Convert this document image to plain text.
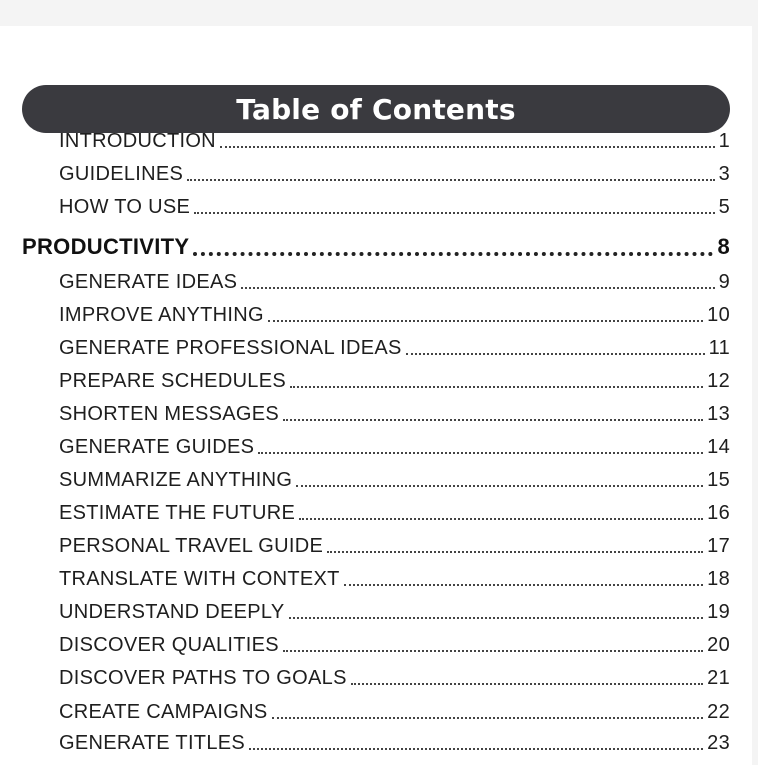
Table of Contents
INTRODUCTION	1
GUIDELINES	3
HOW TO USE	5
PRODUCTIVITY	8
GENERATE IDEAS	9
IMPROVE ANYTHING	10
GENERATE PROFESSIONAL IDEAS	11
PREPARE SCHEDULES	12
SHORTEN MESSAGES	13
GENERATE GUIDES	14
SUMMARIZE ANYTHING	15
ESTIMATE THE FUTURE	16
PERSONAL TRAVEL GUIDE	17
TRANSLATE WITH CONTEXT	18
UNDERSTAND DEEPLY	19
DISCOVER QUALITIES	20
DISCOVER PATHS TO GOALS	21
CREATE CAMPAIGNS	22
GENERATE TITLES	23
